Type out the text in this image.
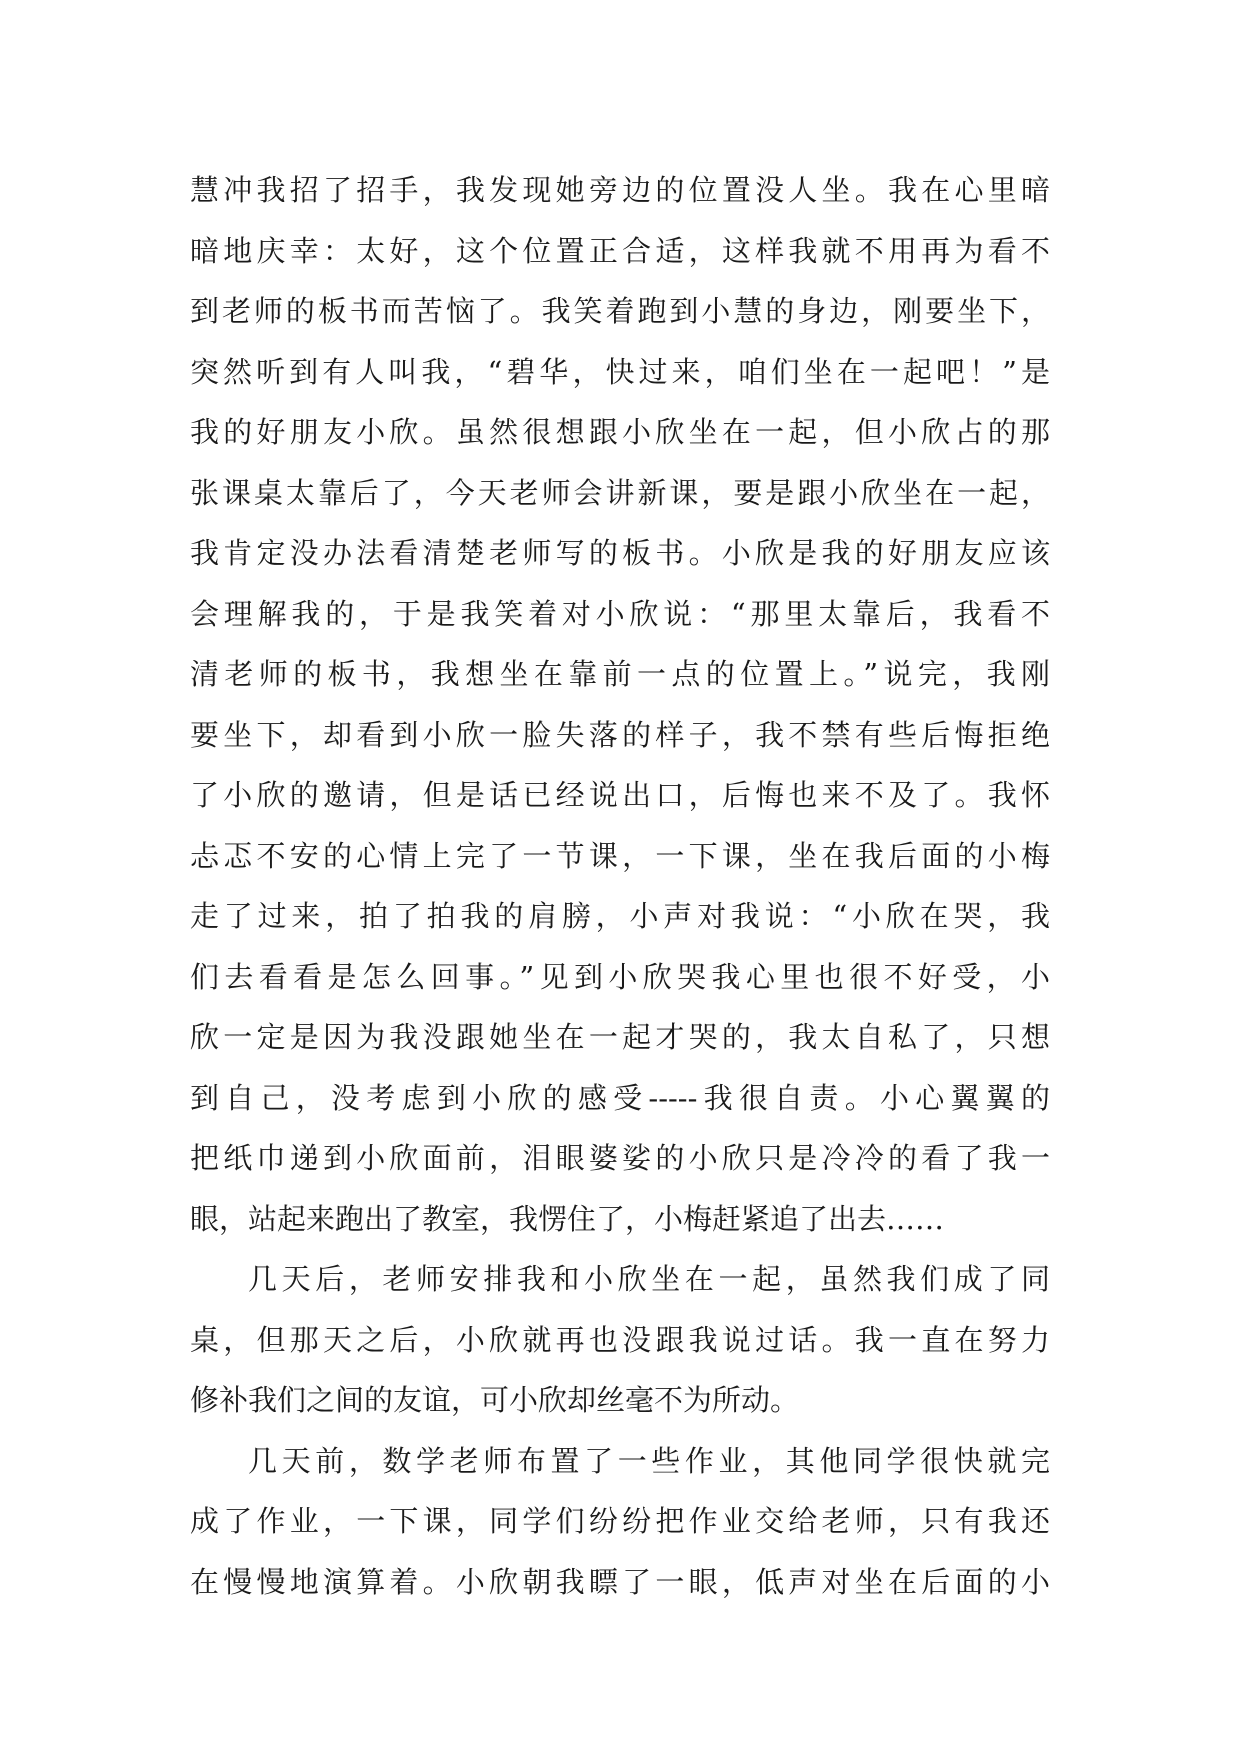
慧冲我招了招手，我发现她旁边的位置没人坐。我在心里暗
暗地庆幸：太好，这个位置正合适，这样我就不用再为看不
到老师的板书而苦恼了。我笑着跑到小慧的身边，刚要坐下，
突然听到有人叫我，“碧华，快过来，咱们坐在一起吧！”是
我的好朋友小欣。虽然很想跟小欣坐在一起，但小欣占的那
张课桌太靠后了，今天老师会讲新课，要是跟小欣坐在一起，
我肯定没办法看清楚老师写的板书。小欣是我的好朋友应该
会理解我的，于是我笑着对小欣说：“那里太靠后，我看不
清老师的板书，我想坐在靠前一点的位置上。”说完，我刚
要坐下，却看到小欣一脸失落的样子，我不禁有些后悔拒绝
了小欣的邀请，但是话已经说出口，后悔也来不及了。我怀
忐忑不安的心情上完了一节课，一下课，坐在我后面的小梅
走了过来，拍了拍我的肩膀，小声对我说：“小欣在哭，我
们去看看是怎么回事。”见到小欣哭我心里也很不好受，小
欣一定是因为我没跟她坐在一起才哭的，我太自私了，只想
到自己，没考虑到小欣的感受-----我很自责。小心翼翼的
把纸巾递到小欣面前，泪眼婆娑的小欣只是冷冷的看了我一
眼，站起来跑出了教室，我愣住了，小梅赶紧追了出去……
几天后，老师安排我和小欣坐在一起，虽然我们成了同
桌，但那天之后，小欣就再也没跟我说过话。我一直在努力
修补我们之间的友谊，可小欣却丝毫不为所动。
几天前，数学老师布置了一些作业，其他同学很快就完
成了作业，一下课，同学们纷纷把作业交给老师，只有我还
在慢慢地演算着。小欣朝我瞟了一眼，低声对坐在后面的小
